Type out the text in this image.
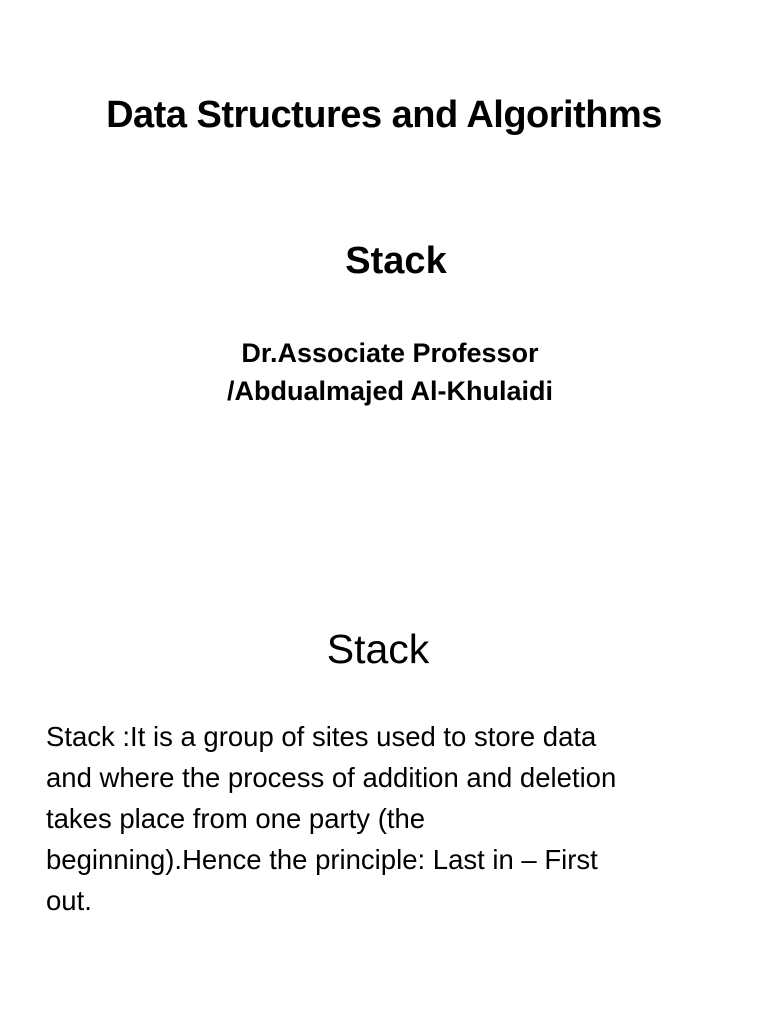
Data Structures and Algorithms
Stack
Dr.Associate Professor
/Abdualmajed Al-Khulaidi
Stack
Stack :It is a group of sites used to store data
and where the process of addition and deletion
takes place from one party (the
beginning).Hence the principle: Last in – First
out.
